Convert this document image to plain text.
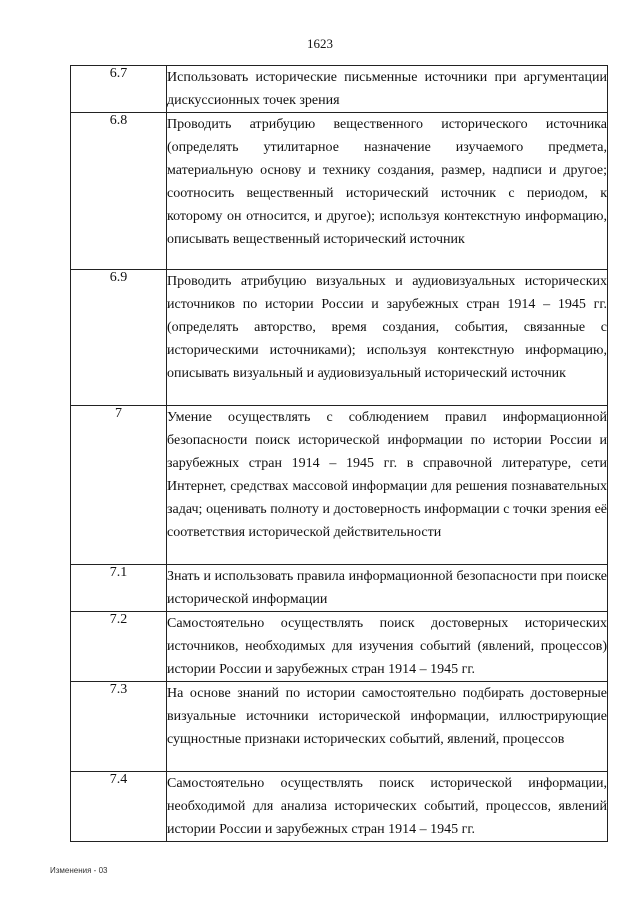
1623
6.7	Использовать исторические письменные источники при аргументации дискуссионных точек зрения
6.8	Проводить атрибуцию вещественного исторического источника (определять утилитарное назначение изучаемого предмета, материальную основу и технику создания, размер, надписи и другое; соотносить вещественный исторический источник с периодом, к которому он относится, и другое); используя контекстную информацию, описывать вещественный исторический источник
6.9	Проводить атрибуцию визуальных и аудиовизуальных исторических источников по истории России и зарубежных стран 1914 – 1945 гг. (определять авторство, время создания, события, связанные с историческими источниками); используя контекстную информацию, описывать визуальный и аудиовизуальный исторический источник
7	Умение осуществлять с соблюдением правил информационной безопасности поиск исторической информации по истории России и зарубежных стран 1914 – 1945 гг. в справочной литературе, сети Интернет, средствах массовой информации для решения познавательных задач; оценивать полноту и достоверность информации с точки зрения её соответствия исторической действительности
7.1	Знать и использовать правила информационной безопасности при поиске исторической информации
7.2	Самостоятельно осуществлять поиск достоверных исторических источников, необходимых для изучения событий (явлений, процессов) истории России и зарубежных стран 1914 – 1945 гг.
7.3	На основе знаний по истории самостоятельно подбирать достоверные визуальные источники исторической информации, иллюстрирующие сущностные признаки исторических событий, явлений, процессов
7.4	Самостоятельно осуществлять поиск исторической информации, необходимой для анализа исторических событий, процессов, явлений истории России и зарубежных стран 1914 – 1945 гг.
Изменения - 03
